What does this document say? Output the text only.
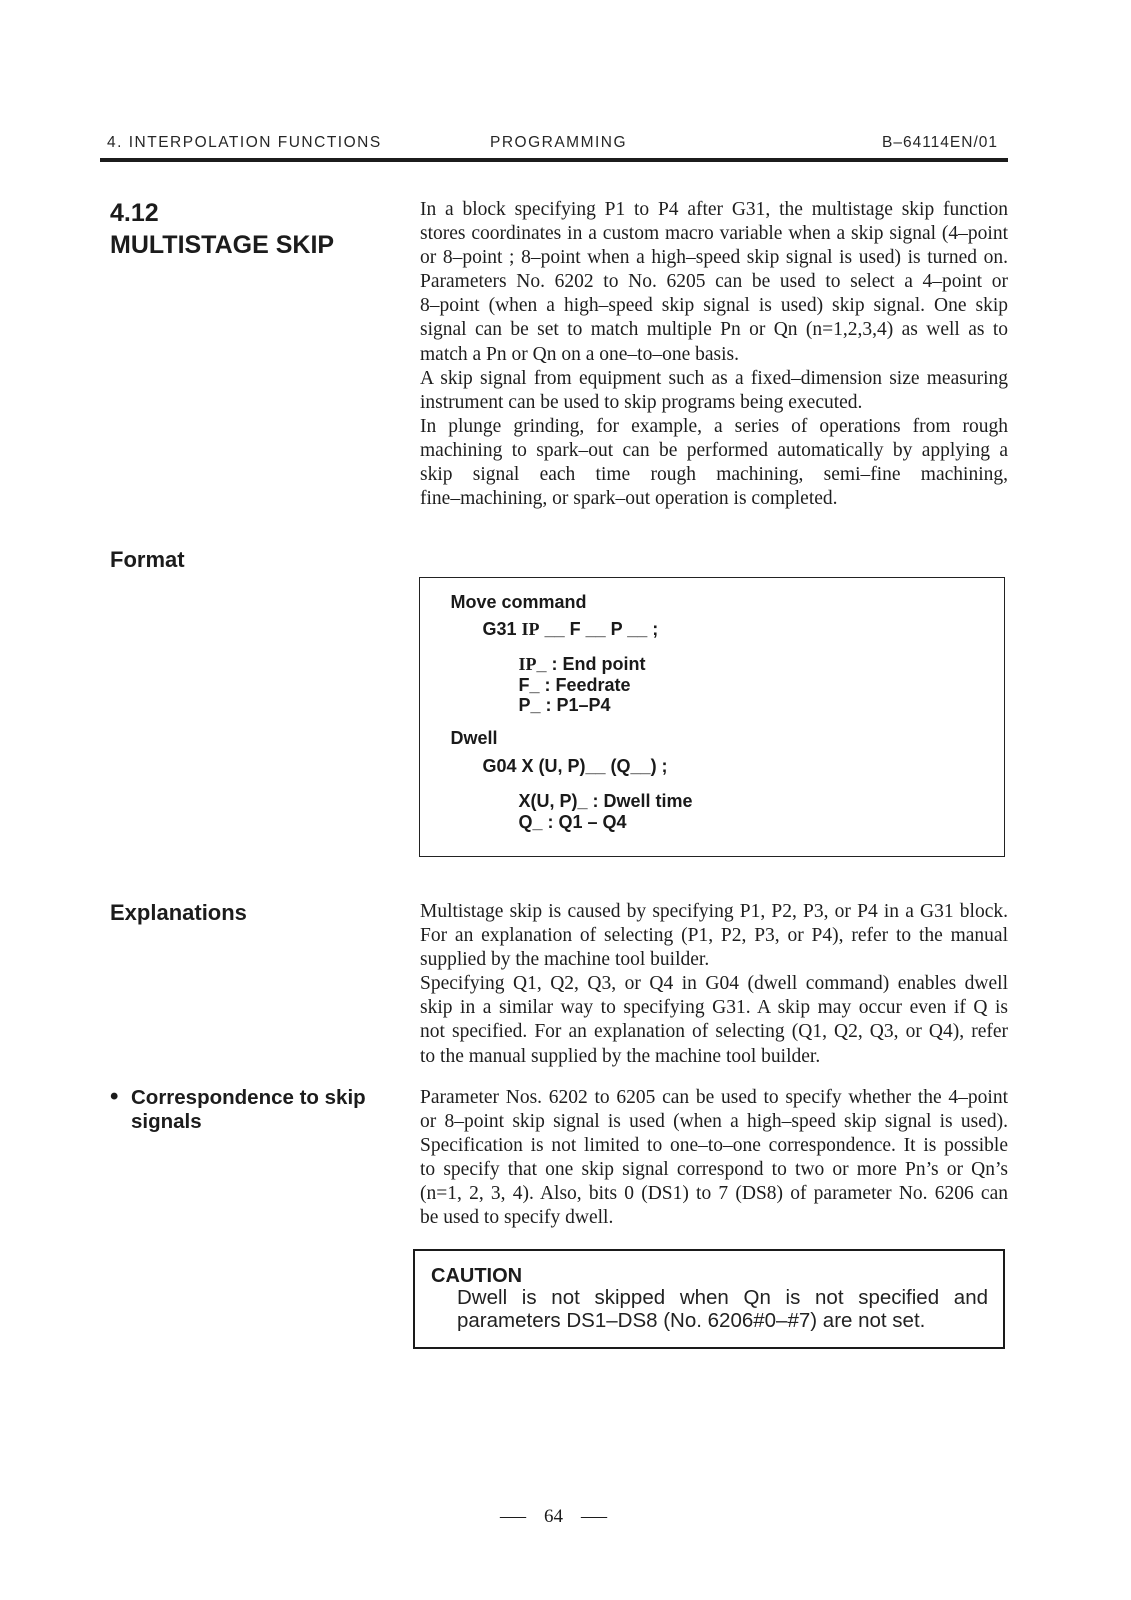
4. INTERPOLATION FUNCTIONS	PROGRAMMING	B–64114EN/01
4.12
MULTISTAGE SKIP
In a block specifying P1 to P4 after G31, the multistage skip function
stores coordinates in a custom macro variable when a skip signal (4–point
or 8–point ; 8–point when a high–speed skip signal is used) is turned on.
Parameters No. 6202 to No. 6205 can be used to select a 4–point or
8–point (when a high–speed skip signal is used) skip signal. One skip
signal can be set to match multiple Pn or Qn (n=1,2,3,4) as well as to
match a Pn or Qn on a one–to–one basis.
A skip signal from equipment such as a fixed–dimension size measuring
instrument can be used to skip programs being executed.
In plunge grinding, for example, a series of operations from rough
machining to spark–out can be performed automatically by applying a
skip signal each time rough machining, semi–fine machining,
fine–machining, or spark–out operation is completed.
Format
Move command
G31 IP __ F __ P __ ;
IP_ : End point
F_ : Feedrate
P_ : P1–P4
Dwell
G04 X (U, P)__ (Q__) ;
X(U, P)_ : Dwell time
Q_ : Q1 – Q4
Explanations	Multistage skip is caused by specifying P1, P2, P3, or P4 in a G31 block.
For an explanation of selecting (P1, P2, P3, or P4), refer to the manual
supplied by the machine tool builder.
Specifying Q1, Q2, Q3, or Q4 in G04 (dwell command) enables dwell
skip in a similar way to specifying G31. A skip may occur even if Q is
not specified. For an explanation of selecting (Q1, Q2, Q3, or Q4), refer
to the manual supplied by the machine tool builder.
• Correspondence to skip signals
Parameter Nos. 6202 to 6205 can be used to specify whether the 4–point
or 8–point skip signal is used (when a high–speed skip signal is used).
Specification is not limited to one–to–one correspondence. It is possible
to specify that one skip signal correspond to two or more Pn’s or Qn’s
(n=1, 2, 3, 4). Also, bits 0 (DS1) to 7 (DS8) of parameter No. 6206 can
be used to specify dwell.
CAUTION
Dwell is not skipped when Qn is not specified and
parameters DS1–DS8 (No. 6206#0–#7) are not set.
— 64 —
